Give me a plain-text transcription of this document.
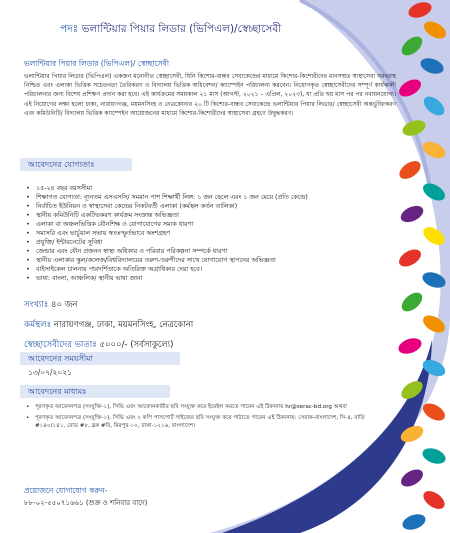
পদঃ ভলান্টিয়ার পিয়ার লিডার (ভিপিএল)/স্বেচ্ছাসেবী
ভলান্টিয়ার পিয়ার লিডার (ভিপিএল)/ স্বেচ্ছাসেবী

ভলান্টিয়ার পিয়ার লিডার (ভিপিএল) একজন মনোনীত স্বেচ্ছাসেবী, যিনি কিশোর-বান্ধব সেবাকেন্দ্রের মাধ্যমে কিশোর-কিশোরীদের মানসম্মত স্বাস্থ্যসেবা সরবরাহ নিশ্চিত এবং এলাকা ভিত্তিক সচেতনতা তৈরিকরণ ও বিদ্যালয় ভিত্তিক অধিবেশন/ ক্যাম্পেইন পরিচালনা করবেন। নিয়োগকৃত স্বেচ্ছাসেবীদের সম্পূর্ণ কার্যকালী পরিচালনার জন্য বিশেষ প্রশিক্ষণ প্রদান করা হবে। এই কার্যক্রমের সময়কাল ২১ মাস (আগস্ট, ২০২১ – এপ্রিল, ২০২৩), যা প্রতি ছয় মাস পর পর নবায়নযোগ্য। এই নিয়োগের লক্ষ্য হলো ঢাকা, নারায়ণগঞ্জ, ময়মনসিংহ ও নেত্রকোনার ২০ টি কিশোর-বান্ধব সেবাকেন্দ্রে ভলান্টিয়ার পিয়ার লিডার/ স্বেচ্ছাসেবী অন্তর্ভুক্তিকরণ এবং কমিউনিটি/ বিদ্যালয় ভিত্তিক ক্যাম্পেইন আয়োজনের মাধ্যমে কিশোর-কিশোরীদের স্বাস্থ্যসেবা গ্রহণে উদ্বুদ্ধকরণ।

আবেদনের যোগ্যতাঃ
• ১৫-২৪ বছর বয়সসীমা
• শিক্ষাগত যোগ্যতা: ন্যূনতম এসএসসি/ সমমান পাশ শিক্ষার্থী লিঙ্গ: ১ জন ছেলে এবং ১ জন মেয়ে (প্রতি কেন্দ্রে)
• নির্বাচিত ইউনিয়ন ও স্বাস্থ্যসেবা কেন্দ্রের নিকটবর্তী এলাকা (কর্মস্থল কর্তন তালিকা)
• স্থানীয় কমিউনিটি একটিভকরণ কার্যক্রম সংক্রান্ত অভিজ্ঞতা
• এলাকা বা অঞ্চলভিত্তিক যৌনশিক্ষ ও যোগাযোগের সম্যক ধারণা
• সমাসরি এবং ভার্চুয়াল সভায় স্বতঃস্ফূর্তভাবে অংশগ্রহণ
• প্রযুক্তি/ ইন্টারনেটের সুবিধা
• জেন্ডার এবং যৌন প্রজনন স্বাস্থ্য অধিকার ও পরিবার পরিকল্পনা সম্পর্কে ধারণা
• স্থানীয় এলাকার স্কুল/কলেজ/বিশ্ববিদ্যালয়ের তরুণ-তরুণীদের সাথে যোগাযোগ স্থাপনের অভিজ্ঞতা
• বাইসাইকেল চালনায় পারদর্শিতাকে অতিরিক্ত অগ্রাধিকার দেয়া হবে।
• ভাষা: বাংলা, আঞ্চলিক/ স্থানীয় ভাষা জানা
সংখ্যাঃ ৪০ জন
কর্মস্থলঃ নারায়ণগঞ্জ, ঢাকা, ময়মনসিংহ, নেত্রকোনা
স্বেচ্ছাসেবীদের ভাতাঃ ৫০০০/- (সর্বসাকুল্যে)
আবেদনের সময়সীমা
১৩/০৭/২০২১
আবেদনের মাধ্যমঃ
• পূরণকৃত আবেদনপত্র (সংযুক্তি-১), সিভি এবং আবেদনকারীর ছবি সংযুক্ত করে ইমেইল করতে পারেন এই ঠিকানায় hr@serac-bd.org অথবা
• পূরণকৃত আবেদনপত্র (সংযুক্তি-১), সিভি এবং ২ কপি পাসপোর্ট সাইজের ছবি সংযুক্ত করে পাঠাতে পারেন এই ঠিকানায়: সেরাক-বাংলাদেশ, সি-৪, বাড়ি #১৪০/১৪১, রোড #৮, ব্লক #বি, মিরপুর-১০, ঢাকা-১২১৬, বাংলাদেশ।
প্রয়োজনে যোগাযোগ করুন-
৮৮-০২-৫৫০৭১৬৬১ (শুক্র ও শনিবার বাদে)
